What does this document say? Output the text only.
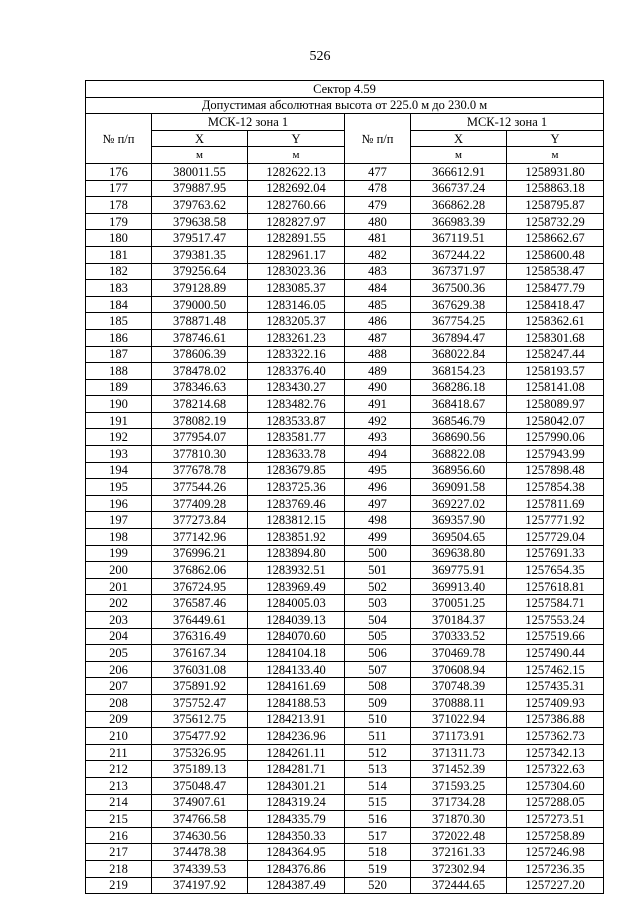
526
Сектор 4.59					
Допустимая абсолютная высота от 225.0 м до 230.0 м					
№ п/п	МСК-12 зона 1		№ п/п	МСК-12 зона 1	
	X	Y		X	Y
	м	м		м	м
176	380011.55	1282622.13	477	366612.91	1258931.80
177	379887.95	1282692.04	478	366737.24	1258863.18
178	379763.62	1282760.66	479	366862.28	1258795.87
179	379638.58	1282827.97	480	366983.39	1258732.29
180	379517.47	1282891.55	481	367119.51	1258662.67
181	379381.35	1282961.17	482	367244.22	1258600.48
182	379256.64	1283023.36	483	367371.97	1258538.47
183	379128.89	1283085.37	484	367500.36	1258477.79
184	379000.50	1283146.05	485	367629.38	1258418.47
185	378871.48	1283205.37	486	367754.25	1258362.61
186	378746.61	1283261.23	487	367894.47	1258301.68
187	378606.39	1283322.16	488	368022.84	1258247.44
188	378478.02	1283376.40	489	368154.23	1258193.57
189	378346.63	1283430.27	490	368286.18	1258141.08
190	378214.68	1283482.76	491	368418.67	1258089.97
191	378082.19	1283533.87	492	368546.79	1258042.07
192	377954.07	1283581.77	493	368690.56	1257990.06
193	377810.30	1283633.78	494	368822.08	1257943.99
194	377678.78	1283679.85	495	368956.60	1257898.48
195	377544.26	1283725.36	496	369091.58	1257854.38
196	377409.28	1283769.46	497	369227.02	1257811.69
197	377273.84	1283812.15	498	369357.90	1257771.92
198	377142.96	1283851.92	499	369504.65	1257729.04
199	376996.21	1283894.80	500	369638.80	1257691.33
200	376862.06	1283932.51	501	369775.91	1257654.35
201	376724.95	1283969.49	502	369913.40	1257618.81
202	376587.46	1284005.03	503	370051.25	1257584.71
203	376449.61	1284039.13	504	370184.37	1257553.24
204	376316.49	1284070.60	505	370333.52	1257519.66
205	376167.34	1284104.18	506	370469.78	1257490.44
206	376031.08	1284133.40	507	370608.94	1257462.15
207	375891.92	1284161.69	508	370748.39	1257435.31
208	375752.47	1284188.53	509	370888.11	1257409.93
209	375612.75	1284213.91	510	371022.94	1257386.88
210	375477.92	1284236.96	511	371173.91	1257362.73
211	375326.95	1284261.11	512	371311.73	1257342.13
212	375189.13	1284281.71	513	371452.39	1257322.63
213	375048.47	1284301.21	514	371593.25	1257304.60
214	374907.61	1284319.24	515	371734.28	1257288.05
215	374766.58	1284335.79	516	371870.30	1257273.51
216	374630.56	1284350.33	517	372022.48	1257258.89
217	374478.38	1284364.95	518	372161.33	1257246.98
218	374339.53	1284376.86	519	372302.94	1257236.35
219	374197.92	1284387.49	520	372444.65	1257227.20
